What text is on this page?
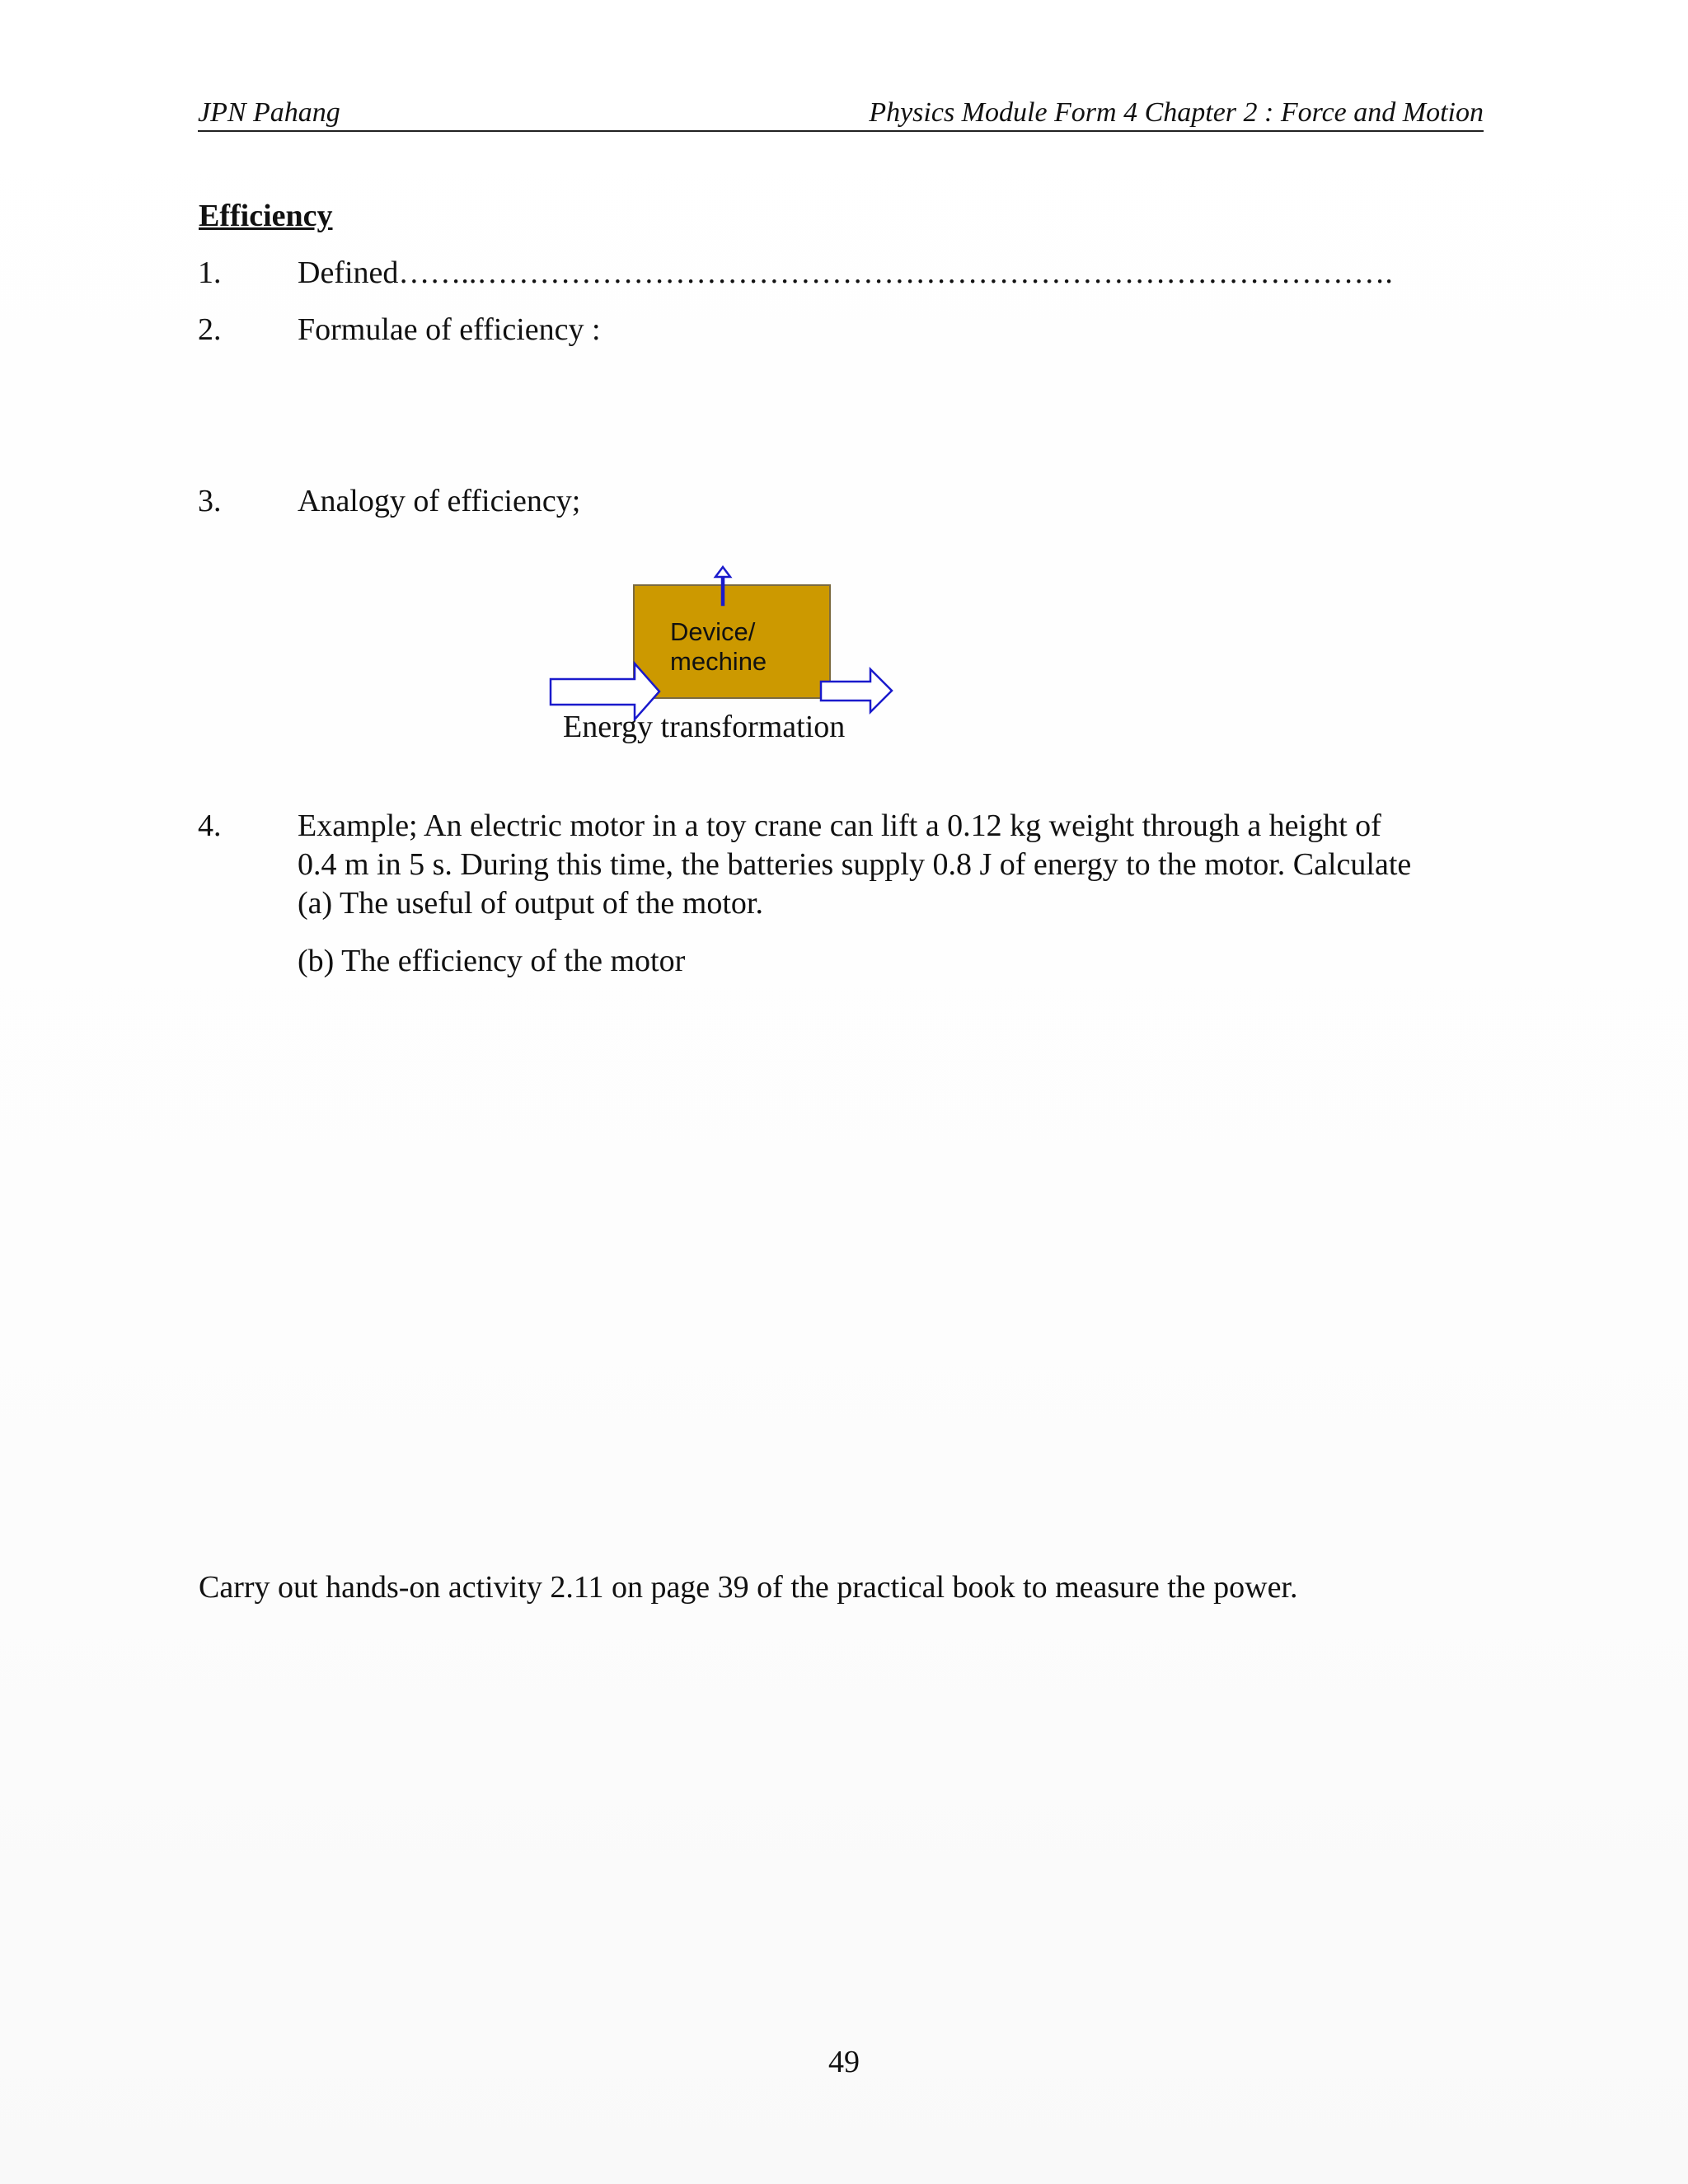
JPN Pahang	Physics Module Form 4 Chapter 2 : Force and Motion
Efficiency
1. Defined……..…………………………………………………………………………….
2. Formulae of efficiency :
3. Analogy of efficiency;
Device/
mechine
Energy transformation
4. Example; An electric motor in a toy crane can lift a 0.12 kg weight through a height of
0.4 m in 5 s. During this time, the batteries supply 0.8 J of energy to the motor. Calculate
(a) The useful of output of the motor.
(b) The efficiency of the motor
Carry out hands-on activity 2.11 on page 39 of the practical book to measure the power.
49
